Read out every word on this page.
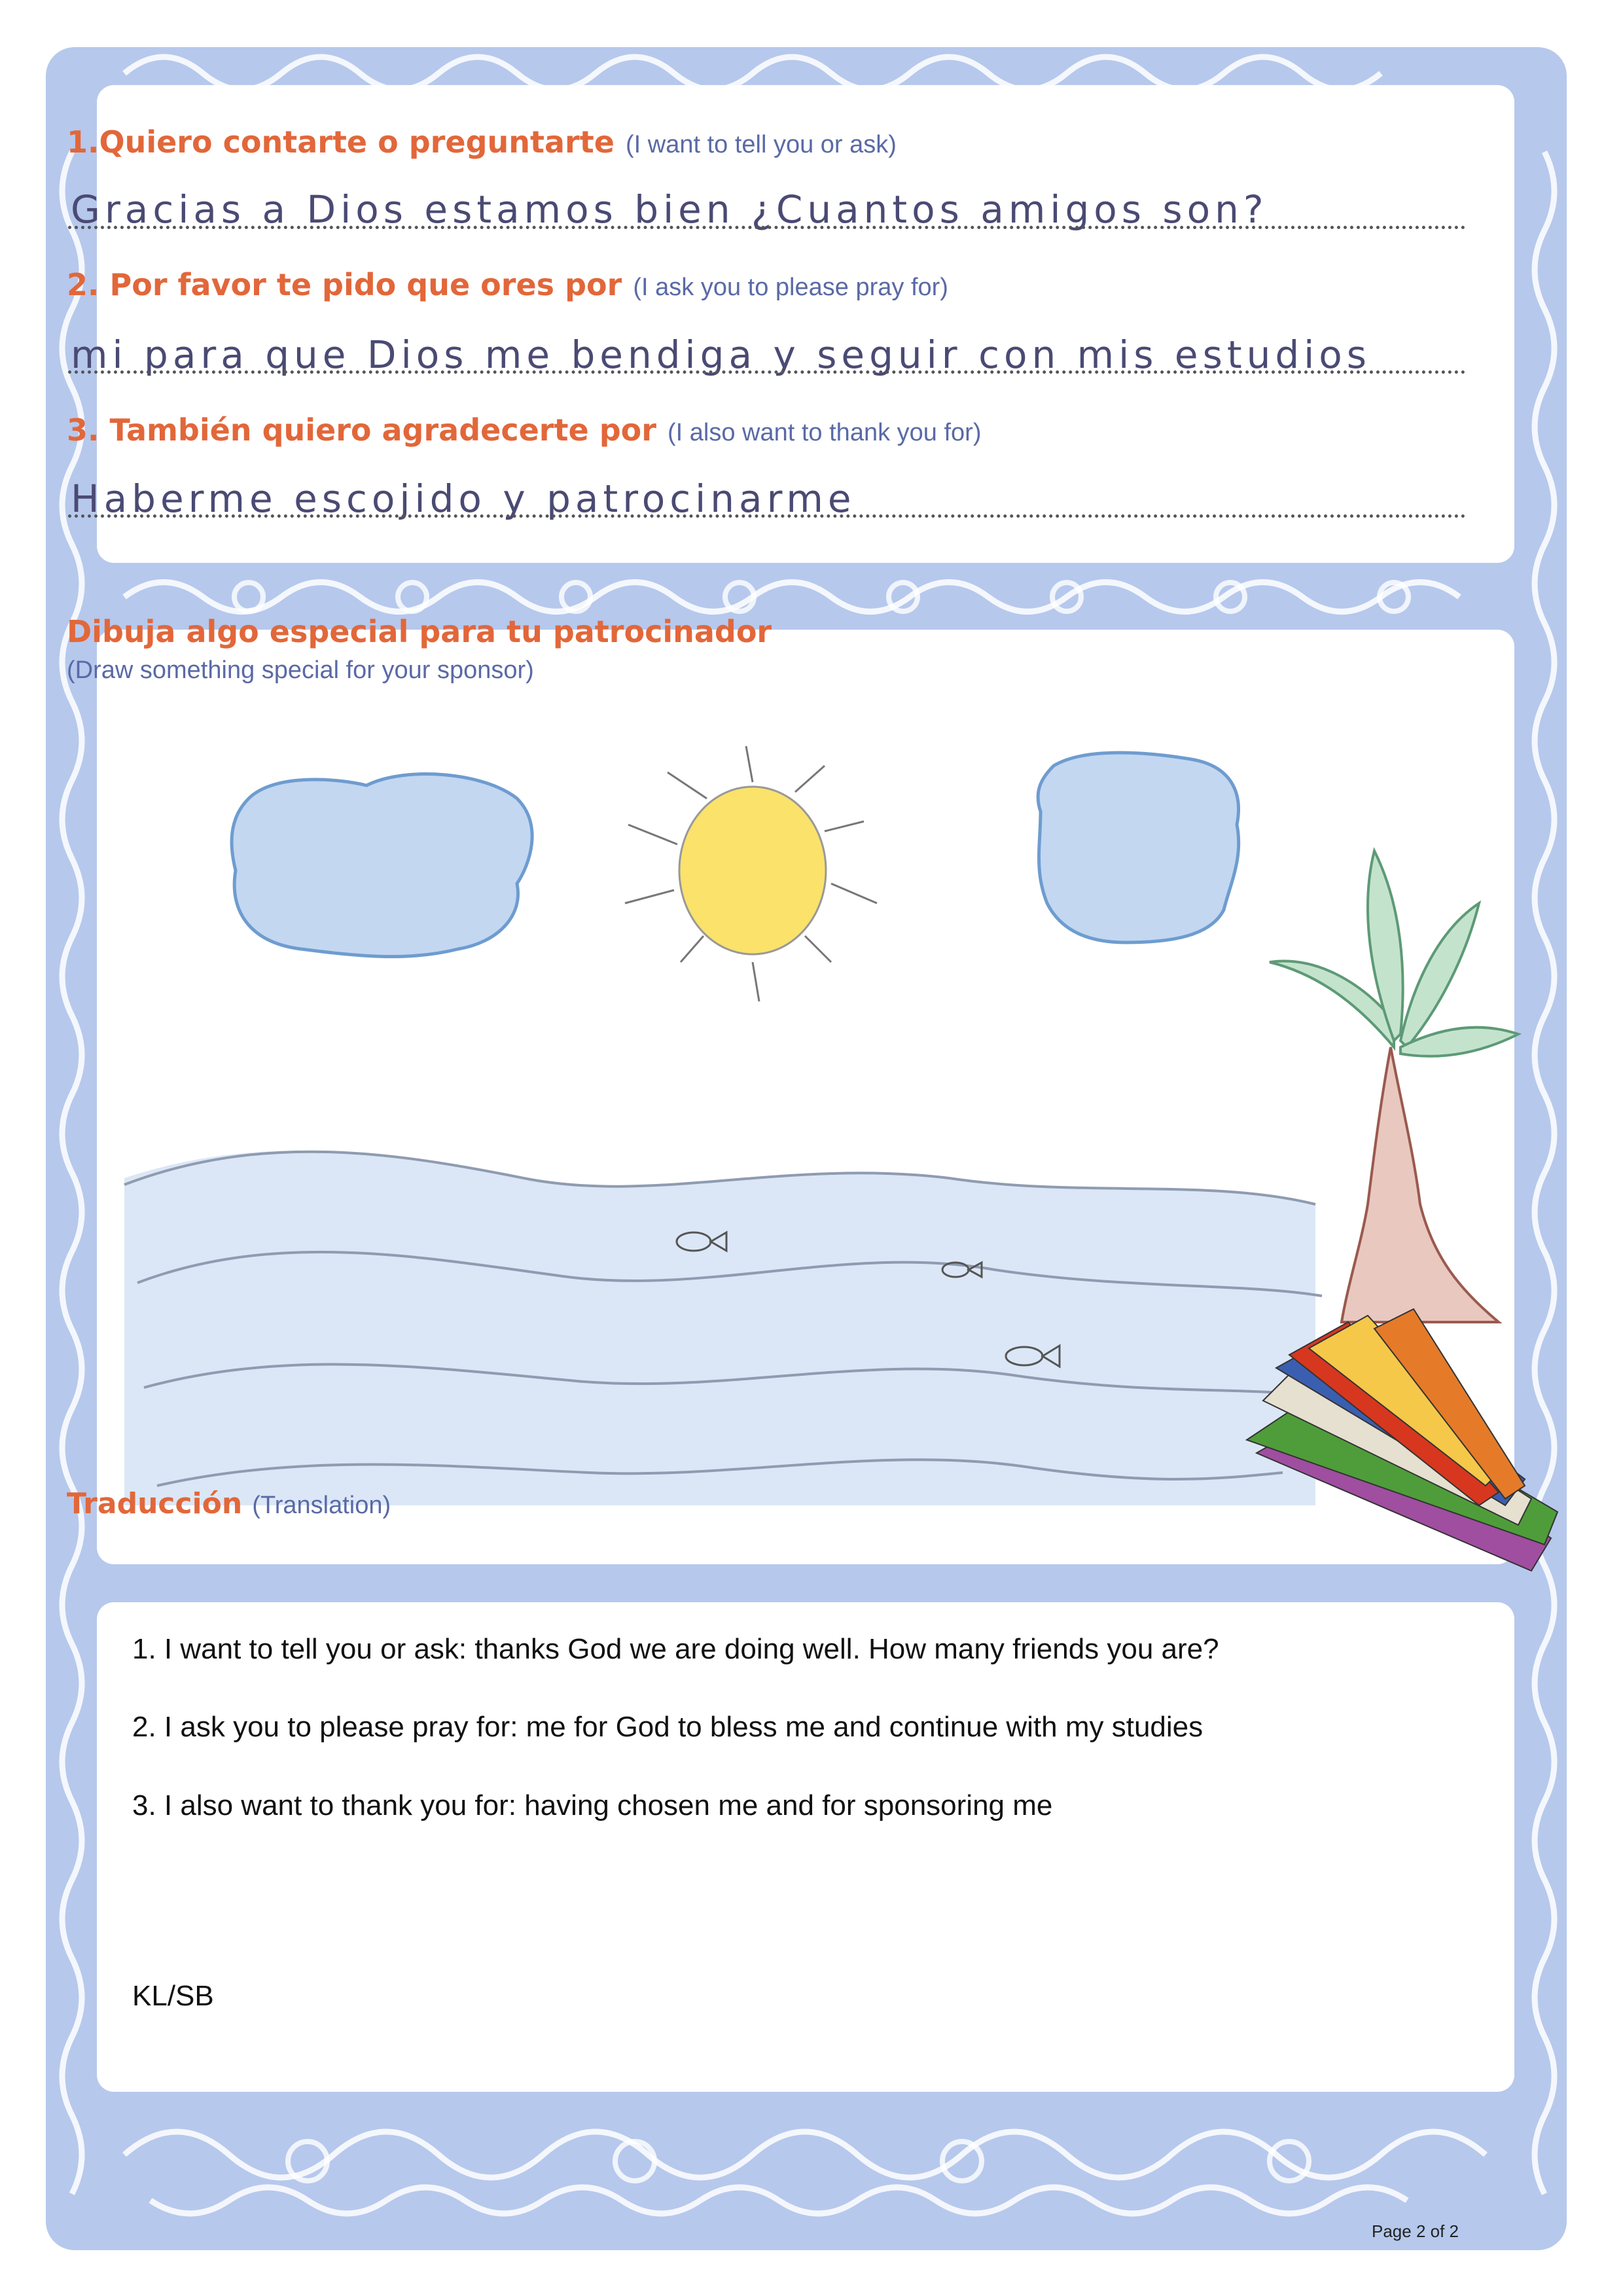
1.Quiero contarte o preguntarte (I want to tell you or ask)
Gracias a Dios estamos bien ¿Cuantos amigos son?
2. Por favor te pido que ores por (I ask you to please pray for)
mi para que Dios me bendiga y seguir con mis estudios
3. También quiero agradecerte por (I also want to thank you for)
Haberme escojido y patrocinarme
Dibuja algo especial para tu patrocinador
(Draw something special for your sponsor)
Traducción (Translation)
1. I want to tell you or ask: thanks God we are doing well. How many friends you are?
2. I ask you to please pray for: me for God to bless me and continue with my studies
3. I also want to thank you for: having chosen me and for sponsoring me
KL/SB
Page 2 of 2
